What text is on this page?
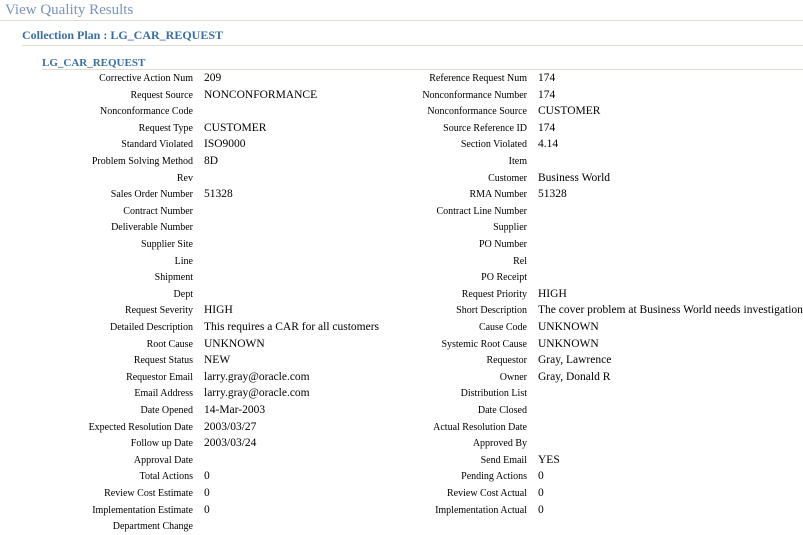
View Quality Results
Collection Plan : LG_CAR_REQUEST
LG_CAR_REQUEST
Corrective Action Num 209	Reference Request Num 174
Request Source NONCONFORMANCE	Nonconformance Number 174
Nonconformance Code	Nonconformance Source CUSTOMER
Request Type CUSTOMER	Source Reference ID 174
Standard Violated ISO9000	Section Violated 4.14
Problem Solving Method 8D	Item
Rev	Customer Business World
Sales Order Number 51328	RMA Number 51328
Contract Number	Contract Line Number
Deliverable Number	Supplier
Supplier Site	PO Number
Line	Rel
Shipment	PO Receipt
Dept	Request Priority HIGH
Request Severity HIGH	Short Description The cover problem at Business World needs investigation
Detailed Description This requires a CAR for all customers	Cause Code UNKNOWN
Root Cause UNKNOWN	Systemic Root Cause UNKNOWN
Request Status NEW	Requestor Gray, Lawrence
Requestor Email larry.gray@oracle.com	Owner Gray, Donald R
Email Address larry.gray@oracle.com	Distribution List
Date Opened 14-Mar-2003	Date Closed
Expected Resolution Date 2003/03/27	Actual Resolution Date
Follow up Date 2003/03/24	Approved By
Approval Date	Send Email YES
Total Actions 0	Pending Actions 0
Review Cost Estimate 0	Review Cost Actual 0
Implementation Estimate 0	Implementation Actual 0
Department Change
